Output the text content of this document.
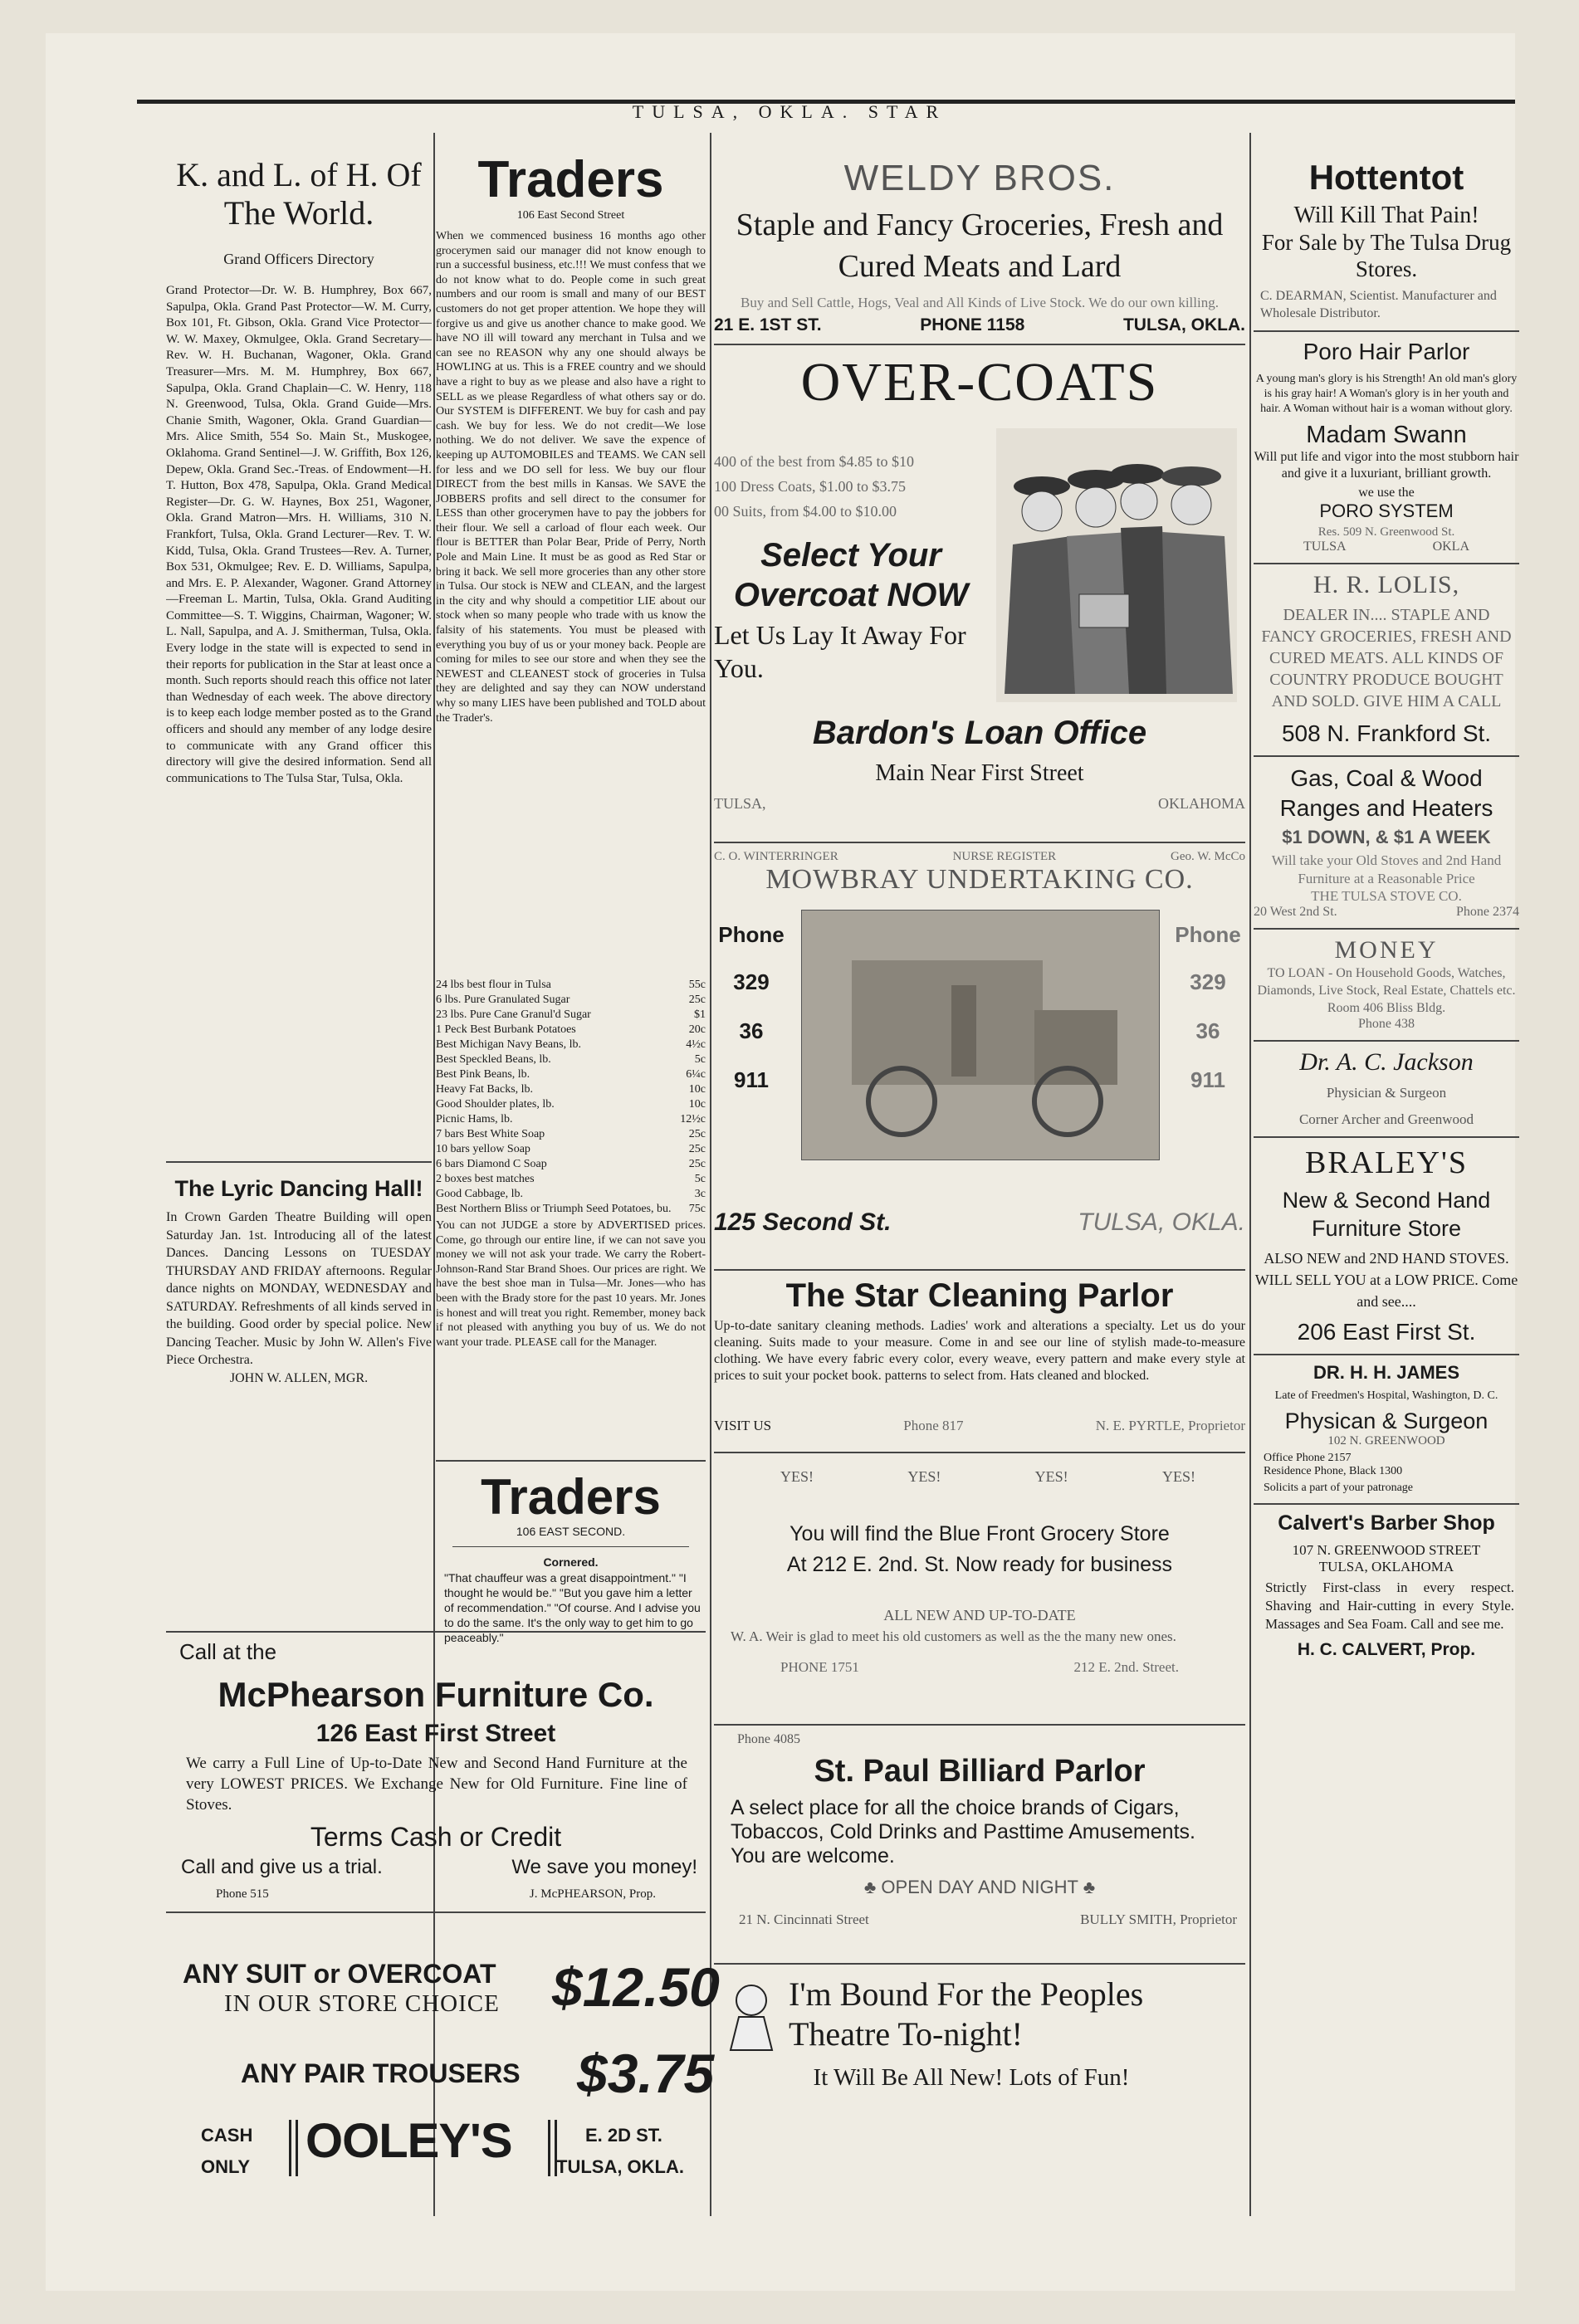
TULSA, OKLA. STAR
K. and L. of H. Of The World.
Grand Officers Directory

Grand Protector—Dr. W. B. Humphrey, Box 667, Sapulpa, Okla. Grand Past Protector—W. M. Curry, Box 101, Ft. Gibson, Okla. Grand Vice Protector—W. W. Maxey, Okmulgee, Okla. Grand Secretary—Rev. W. H. Buchanan, Wagoner, Okla. Grand Treasurer—Mrs. M. M. Humphrey, Box 667, Sapulpa, Okla. Grand Chaplain—C. W. Henry, 118 N. Greenwood, Tulsa, Okla. Grand Guide—Mrs. Chanie Smith, Wagoner, Okla. Grand Guardian—Mrs. Alice Smith, 554 So. Main St., Muskogee, Oklahoma. Grand Sentinel—J. W. Griffith, Box 126, Depew, Okla. Grand Sec.-Treas. of Endowment—H. T. Hutton, Box 478, Sapulpa, Okla. Grand Medical Register—Dr. G. W. Haynes, Box 251, Wagoner, Okla. Grand Matron—Mrs. H. Williams, 310 N. Frankfort, Tulsa, Okla. Grand Lecturer—Rev. T. W. Kidd, Tulsa, Okla. Grand Trustees—Rev. A. Turner, Box 531, Okmulgee; Rev. E. D. Williams, Sapulpa, and Mrs. E. P. Alexander, Wagoner. Grand Attorney—Freeman L. Martin, Tulsa, Okla. Grand Auditing Committee—S. T. Wiggins, Chairman, Wagoner; W. L. Nall, Sapulpa, and A. J. Smitherman, Tulsa, Okla. Every lodge in the state will is expected to send in their reports for publication in the Star at least once a month. Such reports should reach this office not later than Wednesday of each week. The above directory is to keep each lodge member posted as to the Grand officers and should any member of any lodge desire to communicate with any Grand officer this directory will give the desired information. Send all communications to The Tulsa Star, Tulsa, Okla.

The Lyric Dancing Hall!

In Crown Garden Theatre Building will open Saturday Jan. 1st. Introducing all of the latest Dances. Dancing Lessons on TUESDAY THURSDAY AND FRIDAY afternoons. Regular dance nights on MONDAY, WEDNESDAY and SATURDAY. Refreshments of all kinds served in the building. Good order by special police. New Dancing Teacher. Music by John W. Allen's Five Piece Orchestra.

JOHN W. ALLEN, MGR.
Traders
106 East Second Street

When we commenced business 16 months ago other grocerymen said our manager did not know enough to run a successful business, etc.!!! We must confess that we do not know what to do. People come in such great numbers and our room is small and many of our BEST customers do not get proper attention. We hope they will forgive us and give us another chance to make good. We have NO ill will toward any merchant in Tulsa and we can see no REASON why any one should always be HOWLING at us. This is a FREE country and we should have a right to buy as we please and also have a right to SELL as we please Regardless of what others say or do. Our SYSTEM is DIFFERENT. We buy for cash and pay cash. We buy for less. We do not credit—We lose nothing. We do not deliver. We save the expence of keeping up AUTOMOBILES and TEAMS. We CAN sell for less and we DO sell for less. We buy our flour DIRECT from the best mills in Kansas. We SAVE the JOBBERS profits and sell direct to the consumer for LESS than other grocerymen have to pay the jobbers for their flour. We sell a carload of flour each week. Our flour is BETTER than Polar Bear, Pride of Perry, North Pole and Main Line. It must be as good as Red Star or bring it back. We sell more groceries than any other store in Tulsa. Our stock is NEW and CLEAN, and the largest in the city and why should a competitior LIE about our stock when so many people who trade with us know the falsity of his statements. You must be pleased with everything you buy of us or your money back. People are coming for miles to see our store and when they see the NEWEST and CLEANEST stock of groceries in Tulsa they are delighted and say they can NOW understand why so many LIES have been published and TOLD about the Trader's.

24 lbs best flour in Tulsa	55c
6 lbs. Pure Granulated Sugar	25c
23 lbs. Pure Cane Granul'd Sugar	$1
1 Peck Best Burbank Potatoes	20c
Best Michigan Navy Beans, lb.	4½c
Best Speckled Beans, lb.	5c
Best Pink Beans, lb.	6¼c
Heavy Fat Backs, lb.	10c
Good Shoulder plates, lb.	10c
Picnic Hams, lb.	12½c
7 bars Best White Soap	25c
10 bars yellow Soap	25c
6 bars Diamond C Soap	25c
2 boxes best matches	5c
Good Cabbage, lb.	3c
Best Northern Bliss or Triumph Seed Potatoes, bu. 75c

You can not JUDGE a store by ADVERTISED prices. Come, go through our entire line, if we can not save you money we will not ask your trade. We carry the Robert-Johnson-Rand Star Brand Shoes. Our prices are right. We have the best shoe man in Tulsa—Mr. Jones—who has been with the Brady store for the past 10 years. Mr. Jones is honest and will treat you right. Remember, money back if not pleased with anything you buy of us. We do not want your trade. PLEASE call for the Manager.

Traders
106 EAST SECOND.
Cornered.

"That chauffeur was a great disappointment." "I thought he would be." "But you gave him a letter of recommendation." "Of course. And I advise you to do the same. It's the only way to get him to go peaceably."

Call at the
McPhearson Furniture Co.
126 East First Street

We carry a Full Line of Up-to-Date New and Second Hand Furniture at the very LOWEST PRICES. We Exchange New for Old Furniture. Fine line of Stoves.

Terms Cash or Credit
Call and give us a trial.	We save you money!
Phone 515	J. McPHEARSON, Prop.
ANY SUIT or OVERCOAT
IN OUR STORE CHOICE $12.50
ANY PAIR TROUSERS $3.75
CASH
ONLY OOLEY'S	E. 2D ST.
TULSA, OKLA.
WELDY BROS.
Staple and Fancy Groceries, Fresh and Cured Meats and Lard

Buy and Sell Cattle, Hogs, Veal and All Kinds of Live Stock. We do our own killing.

21 E. 1ST ST.	PHONE 1158	TULSA, OKLA.
OVER-COATS
400 of the best from $4.85 to $10
100 Dress Coats, $1.00 to $3.75
00 Suits, from $4.00 to $10.00
Select Your Overcoat NOW
Let Us Lay It Away For You.
Bardon's Loan Office
Main Near First Street
TULSA,	OKLAHOMA
C. O. WINTERRINGER	NURSE REGISTER	Geo. W. McCo
MOWBRAY UNDERTAKING CO.
Phone
329
36
911
Phone
329
36
911
125 Second St.	TULSA, OKLA.
The Star Cleaning Parlor

Up-to-date sanitary cleaning methods. Ladies' work and alterations a specialty. Let us do your cleaning. Suits made to your measure. Come in and see our line of stylish made-to-measure clothing. We have every fabric every color, every weave, every pattern and make every style at prices to suit your pocket book. patterns to select from. Hats cleaned and blocked.

VISIT US	Phone 817	N. E. PYRTLE, Proprietor
YES!	YES!	YES!	YES!
You will find the Blue Front Grocery Store
At 212 E. 2nd. St. Now ready for business
ALL NEW AND UP-TO-DATE

W. A. Weir is glad to meet his old customers as well as the the many new ones.

PHONE 1751	212 E. 2nd. Street.
Phone 4085
St. Paul Billiard Parlor

A select place for all the choice brands of Cigars, Tobaccos, Cold Drinks and Pasttime Amusements. You are welcome.

♣ OPEN DAY AND NIGHT ♣
21 N. Cincinnati Street	BULLY SMITH, Proprietor
I'm Bound For the Peoples
Theatre To-night!
It Will Be All New! Lots of Fun!
Hottentot
Will Kill That Pain!
For Sale by The Tulsa Drug Stores.

C. DEARMAN, Scientist. Manufacturer and Wholesale Distributor.

Poro Hair Parlor

A young man's glory is his Strength! An old man's glory is his gray hair! A Woman's glory is in her youth and hair. A Woman without hair is a woman without glory.

Madam Swann

Will put life and vigor into the most stubborn hair and give it a luxuriant, brilliant growth.

we use the
PORO SYSTEM
Res. 509 N. Greenwood St.
TULSA	OKLA
H. R. LOLIS,

DEALER IN.... STAPLE AND FANCY GROCERIES, FRESH AND CURED MEATS. ALL KINDS OF COUNTRY PRODUCE BOUGHT AND SOLD. GIVE HIM A CALL

508 N. Frankford St.
Gas, Coal & Wood Ranges and Heaters
$1 DOWN, & $1 A WEEK

Will take your Old Stoves and 2nd Hand Furniture at a Reasonable Price

THE TULSA STOVE CO.
20 West 2nd St.	Phone 2374
MONEY

TO LOAN - On Household Goods, Watches, Diamonds, Live Stock, Real Estate, Chattels etc. Room 406 Bliss Bldg.

Phone 438
Dr. A. C. Jackson
Physician & Surgeon
Corner Archer and Greenwood
BRALEY'S
New & Second Hand Furniture Store

ALSO NEW and 2ND HAND STOVES. WILL SELL YOU at a LOW PRICE. Come and see....

206 East First St.
DR. H. H. JAMES

Late of Freedmen's Hospital, Washington, D. C.

Physican & Surgeon
102 N. GREENWOOD
Office Phone 2157
Residence Phone, Black 1300
Solicits a part of your patronage
Calvert's Barber Shop
107 N. GREENWOOD STREET
TULSA, OKLAHOMA

Strictly First-class in every respect. Shaving and Hair-cutting in every Style. Massages and Sea Foam. Call and see me.

H. C. CALVERT, Prop.
